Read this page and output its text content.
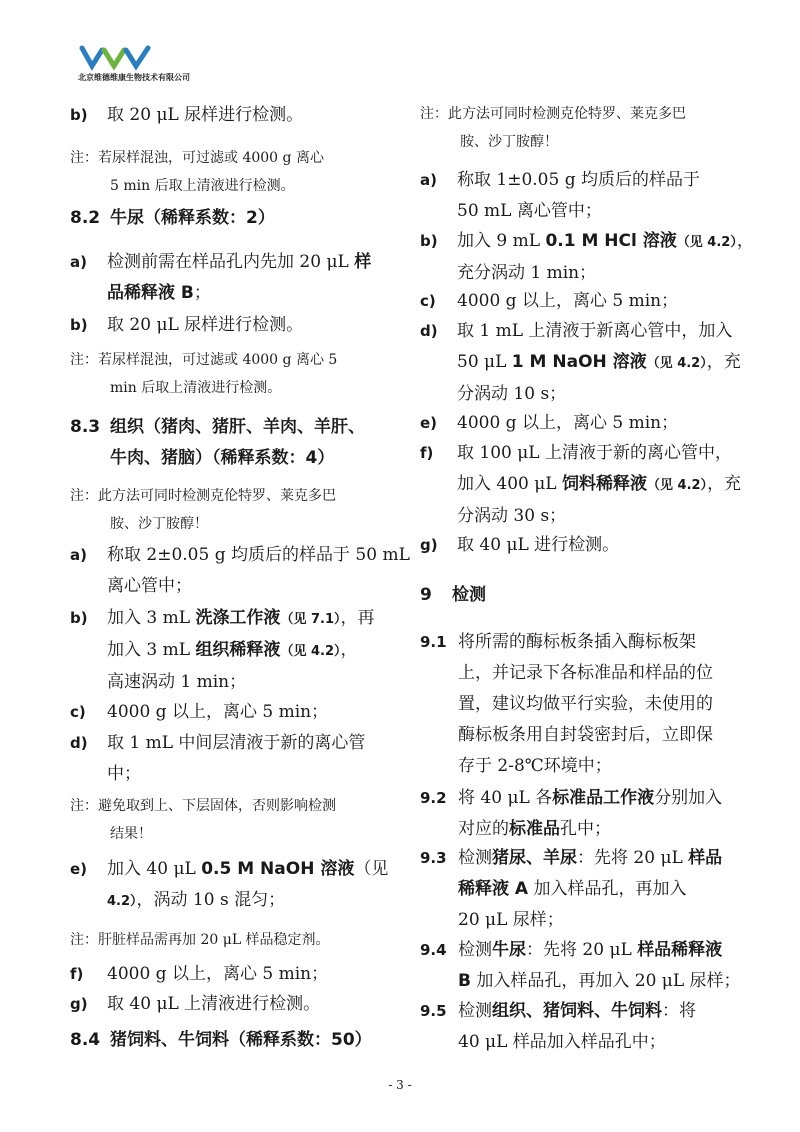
北京维德维康生物技术有限公司
b) 取 20 μL 尿样进行检测。
注：若尿样混浊，可过滤或 4000 g 离心
5 min 后取上清液进行检测。
8.2 牛尿（稀释系数：2）
a) 检测前需在样品孔内先加 20 μL 样
品稀释液 B；
b) 取 20 μL 尿样进行检测。
注：若尿样混浊，可过滤或 4000 g 离心 5
min 后取上清液进行检测。
8.3 组织（猪肉、猪肝、羊肉、羊肝、
牛肉、猪脑）（稀释系数：4）
注：此方法可同时检测克伦特罗、莱克多巴
胺、沙丁胺醇！
a) 称取 2±0.05 g 均质后的样品于 50 mL
离心管中；
b) 加入 3 mL 洗涤工作液（见 7.1），再
加入 3 mL 组织稀释液（见 4.2），
高速涡动 1 min；
c) 4000 g 以上，离心 5 min；
d) 取 1 mL 中间层清液于新的离心管
中；
注：避免取到上、下层固体，否则影响检测
结果！
e) 加入 40 μL 0.5 M NaOH 溶液（见
4.2），涡动 10 s 混匀；
注：肝脏样品需再加 20 μL 样品稳定剂。
f) 4000 g 以上，离心 5 min；
g) 取 40 μL 上清液进行检测。
8.4 猪饲料、牛饲料（稀释系数：50）
注：此方法可同时检测克伦特罗、莱克多巴
胺、沙丁胺醇！
a) 称取 1±0.05 g 均质后的样品于
50 mL 离心管中；
b) 加入 9 mL 0.1 M HCl 溶液（见 4.2），
充分涡动 1 min；
c) 4000 g 以上，离心 5 min；
d) 取 1 mL 上清液于新离心管中，加入
50 μL 1 M NaOH 溶液（见 4.2），充
分涡动 10 s；
e) 4000 g 以上，离心 5 min；
f) 取 100 μL 上清液于新的离心管中，
加入 400 μL 饲料稀释液（见 4.2），充
分涡动 30 s；
g) 取 40 μL 进行检测。
9 检测
9.1 将所需的酶标板条插入酶标板架
上，并记录下各标准品和样品的位
置，建议均做平行实验，未使用的
酶标板条用自封袋密封后，立即保
存于 2-8℃环境中；
9.2 将 40 μL 各标准品工作液分别加入
对应的标准品孔中；
9.3 检测猪尿、羊尿：先将 20 μL 样品
稀释液 A 加入样品孔，再加入
20 μL 尿样；
9.4 检测牛尿：先将 20 μL 样品稀释液
B 加入样品孔，再加入 20 μL 尿样；
9.5 检测组织、猪饲料、牛饲料：将
40 μL 样品加入样品孔中；
- 3 -
